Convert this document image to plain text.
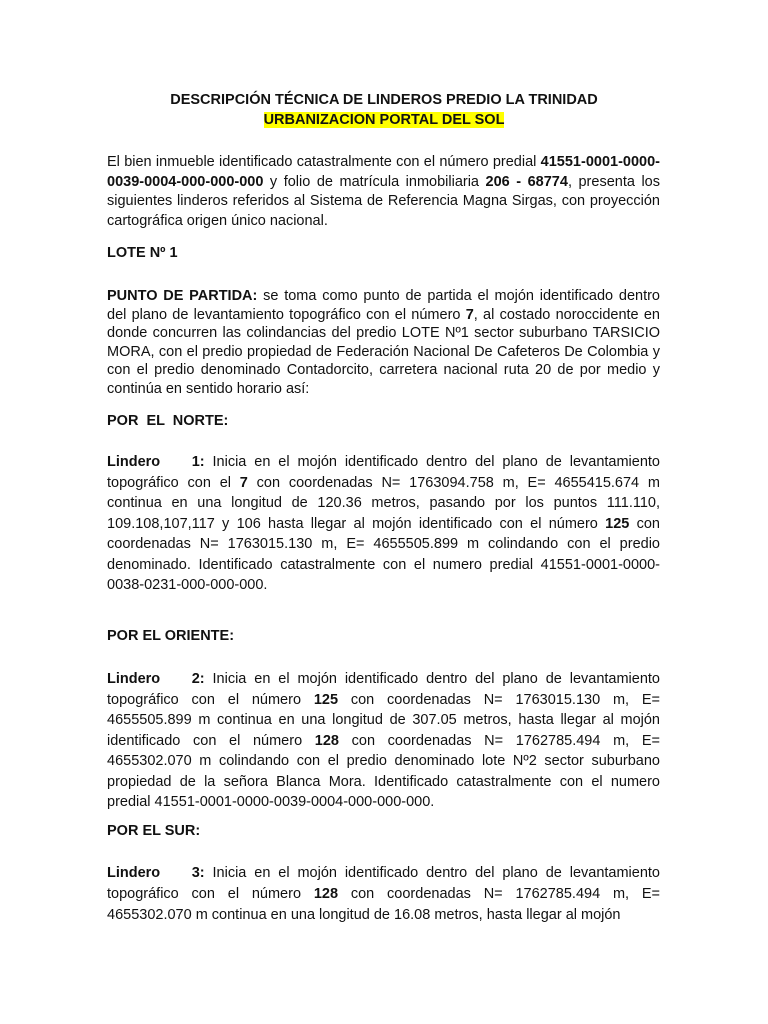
DESCRIPCIÓN TÉCNICA DE LINDEROS PREDIO LA TRINIDAD
URBANIZACION PORTAL DEL SOL
El bien inmueble identificado catastralmente con el número predial 41551-0001-0000-0039-0004-000-000-000 y folio de matrícula inmobiliaria 206 - 68774, presenta los siguientes linderos referidos al Sistema de Referencia Magna Sirgas, con proyección cartográfica origen único nacional.
LOTE Nº 1
PUNTO DE PARTIDA: se toma como punto de partida el mojón identificado dentro del plano de levantamiento topográfico con el número 7, al costado noroccidente en donde concurren las colindancias del predio LOTE Nº1 sector suburbano TARSICIO MORA, con el predio propiedad de Federación Nacional De Cafeteros De Colombia y con el predio denominado Contadorcito, carretera nacional ruta 20 de por medio y continúa en sentido horario así:
POR  EL  NORTE:
Lindero    1: Inicia en el mojón identificado dentro del plano de levantamiento topográfico con el 7 con coordenadas N= 1763094.758 m, E= 4655415.674 m continua en una longitud de 120.36 metros, pasando por los puntos 111.110, 109.108,107,117 y 106 hasta llegar al mojón identificado con el número 125 con coordenadas N= 1763015.130 m, E= 4655505.899 m colindando con el predio denominado. Identificado catastralmente con el numero predial 41551-0001-0000-0038-0231-000-000-000.
POR EL ORIENTE:
Lindero    2: Inicia en el mojón identificado dentro del plano de levantamiento topográfico con el número 125 con coordenadas N= 1763015.130 m, E= 4655505.899 m continua en una longitud de 307.05 metros, hasta llegar al mojón identificado con el número 128 con coordenadas N= 1762785.494 m, E= 4655302.070 m colindando con el predio denominado lote Nº2 sector suburbano propiedad de la señora Blanca Mora. Identificado catastralmente con el numero predial 41551-0001-0000-0039-0004-000-000-000.
POR EL SUR:
Lindero    3: Inicia en el mojón identificado dentro del plano de levantamiento topográfico con el número 128 con coordenadas N= 1762785.494 m, E= 4655302.070 m continua en una longitud de 16.08 metros, hasta llegar al mojón
